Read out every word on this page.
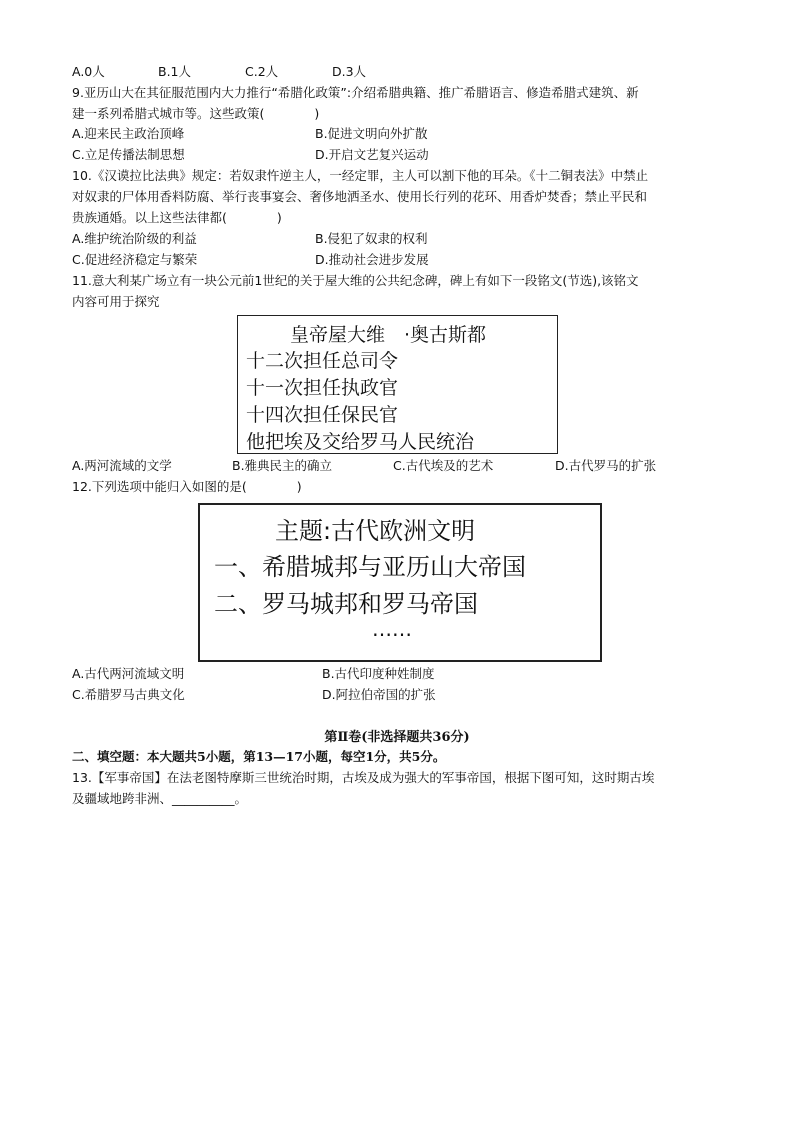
A.0人	B.1人	C.2人	D.3人
9.亚历山大在其征服范围内大力推行“希腊化政策”:介绍希腊典籍、推广希腊语言、修造希腊式建筑、新
建一系列希腊式城市等。这些政策(　　　　)
A.迎来民主政治顶峰	B.促进文明向外扩散
C.立足传播法制思想	D.开启文艺复兴运动
10.《汉谟拉比法典》规定：若奴隶忤逆主人，一经定罪，主人可以割下他的耳朵。《十二铜表法》中禁止
对奴隶的尸体用香料防腐、举行丧事宴会、奢侈地洒圣水、使用长行列的花环、用香炉焚香；禁止平民和
贵族通婚。以上这些法律都(　　　　)
A.维护统治阶级的利益	B.侵犯了奴隶的权利
C.促进经济稳定与繁荣	D.推动社会进步发展
11.意大利某广场立有一块公元前1世纪的关于屋大维的公共纪念碑，碑上有如下一段铭文(节选),该铭文
内容可用于探究
皇帝屋大维　·奥古斯都
十二次担任总司令
十一次担任执政官
十四次担任保民官
他把埃及交给罗马人民统治
A.两河流域的文学	B.雅典民主的确立	C.古代埃及的艺术	D.古代罗马的扩张
12.下列选项中能归入如图的是(　　　　)
主题:古代欧洲文明
一、希腊城邦与亚历山大帝国
二、罗马城邦和罗马帝国
……
A.古代两河流域文明	B.古代印度种姓制度
C.希腊罗马古典文化	D.阿拉伯帝国的扩张
第Ⅱ卷(非选择题共36分)
二、填空题：本大题共5小题，第13—17小题，每空1分，共5分。
13.【军事帝国】在法老图特摩斯三世统治时期，古埃及成为强大的军事帝国，根据下图可知，这时期古埃
及疆域地跨非洲、__________。
